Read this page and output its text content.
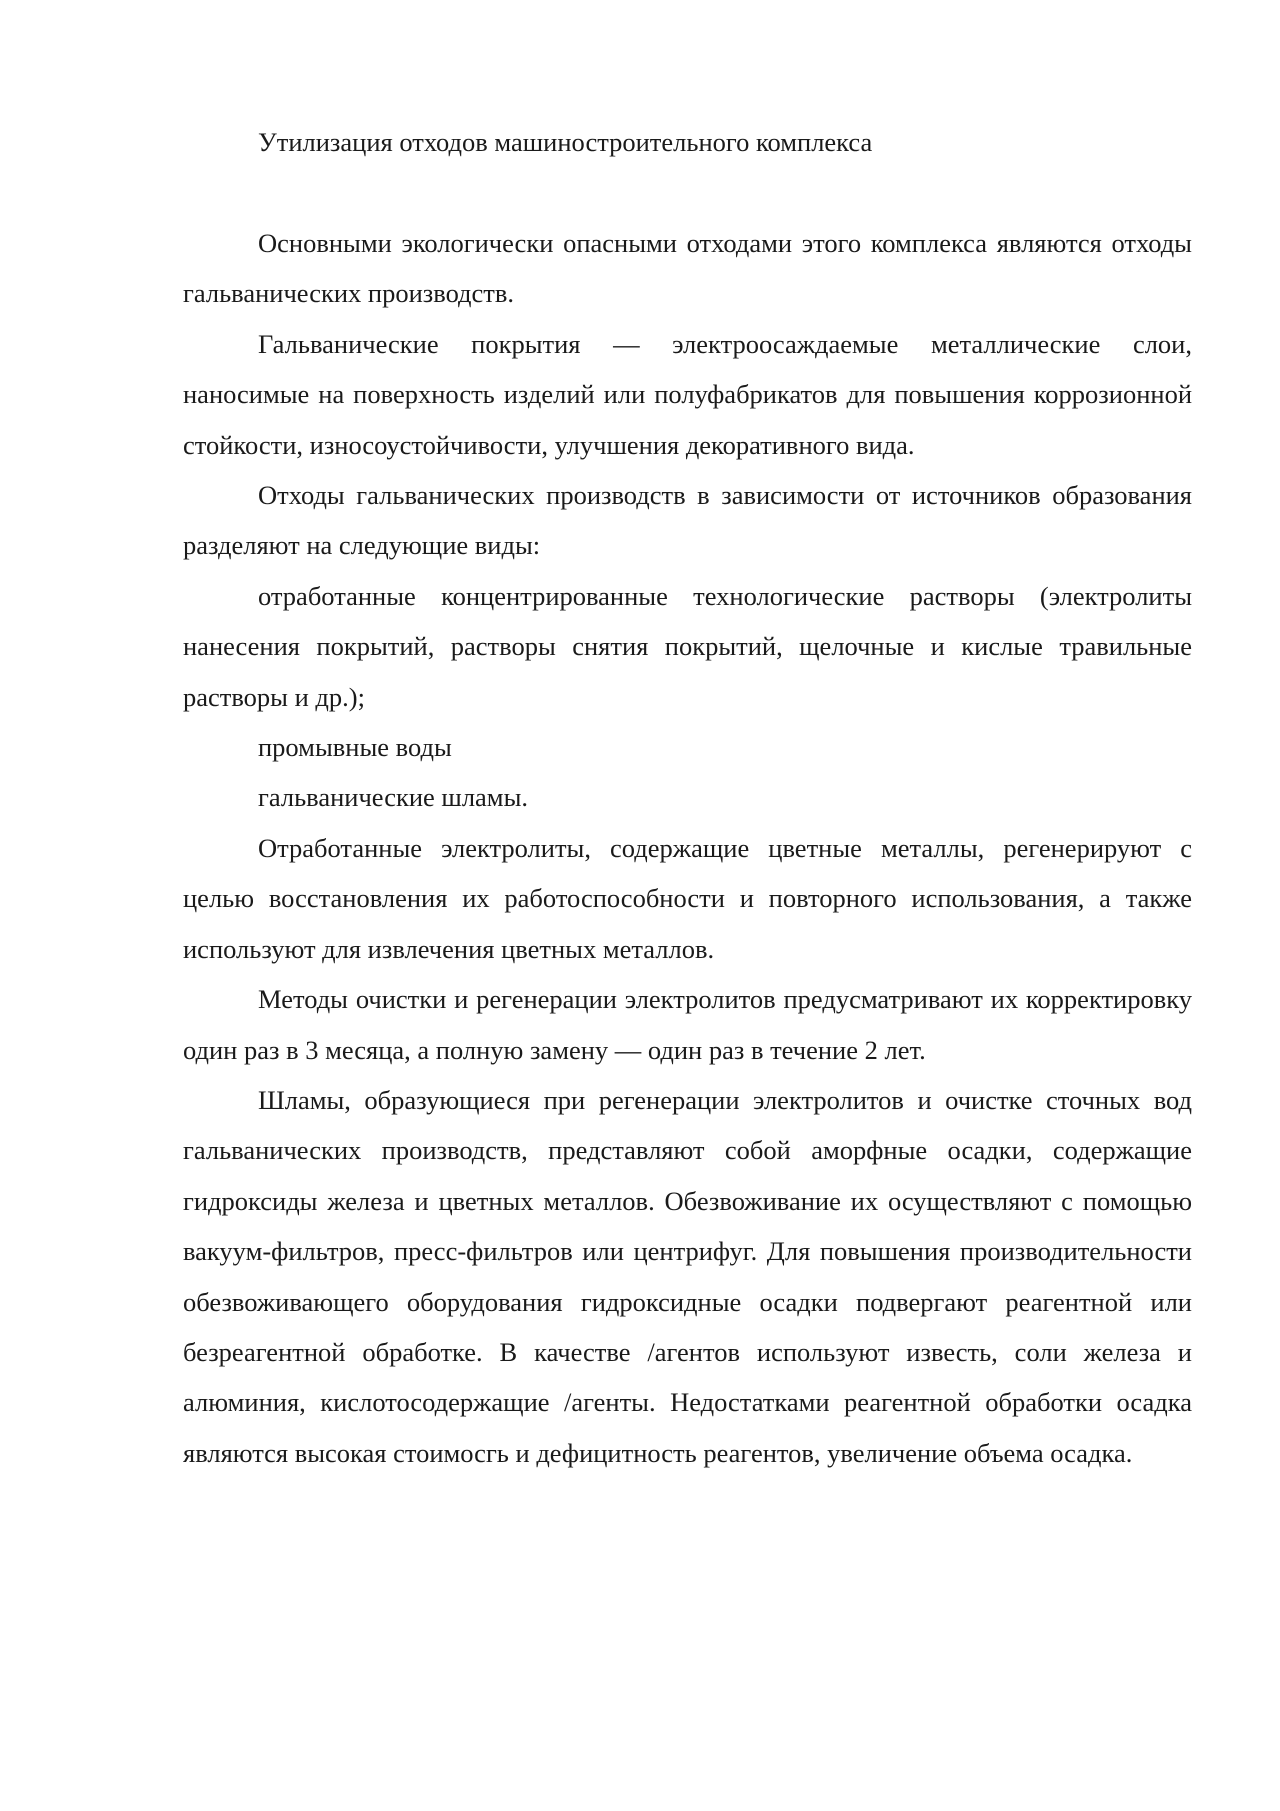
Утилизация отходов машиностроительного комплекса

Основными экологически опасными отходами этого комплекса являются отходы гальванических производств.

Гальванические покрытия — электроосаждаемые металлические слои, наносимые на поверхность изделий или полуфабрикатов для повышения коррозионной стойкости, износоустойчивости, улучшения декоративного вида.

Отходы гальванических производств в зависимости от источников образования разделяют на следующие виды:

отработанные концентрированные технологические растворы (электролиты нанесения покрытий, растворы снятия покрытий, щелочные и кислые травильные растворы и др.);

промывные воды

гальванические шламы.

Отработанные электролиты, содержащие цветные металлы, регенерируют с целью восстановления их работоспособности и повторного использования, а также используют для извлечения цветных металлов.

Методы очистки и регенерации электролитов предусматривают их корректировку один раз в 3 месяца, а полную замену — один раз в течение 2 лет.

Шламы, образующиеся при регенерации электролитов и очистке сточных вод гальванических производств, представляют собой аморфные осадки, содержащие гидроксиды железа и цветных металлов. Обезвоживание их осуществляют с помощью вакуум-фильтров, пресс-фильтров или центрифуг. Для повышения производительности обезвоживающего оборудования гидроксидные осадки подвергают реагентной или безреагентной обработке. В качестве /агентов используют известь, соли железа и алюминия, кислотосодержащие /агенты. Недостатками реагентной обработки осадка являются высокая стоимосгь и дефицитность реагентов, увеличение объема осадка.
